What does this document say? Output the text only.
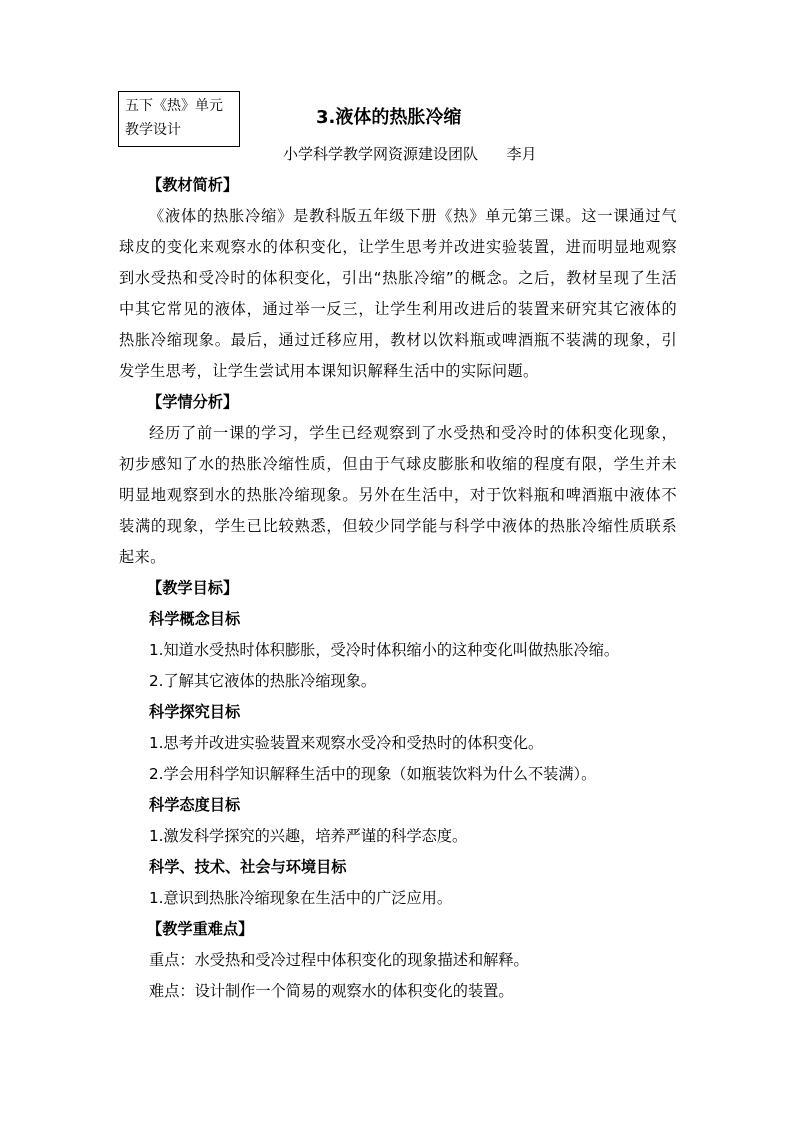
五下《热》单元
教学设计
3.液体的热胀冷缩
小学科学教学网资源建设团队      李月

【教材简析】

《液体的热胀冷缩》是教科版五年级下册《热》单元第三课。这一课通过气球皮的变化来观察水的体积变化，让学生思考并改进实验装置，进而明显地观察到水受热和受冷时的体积变化，引出“热胀冷缩”的概念。之后，教材呈现了生活中其它常见的液体，通过举一反三，让学生利用改进后的装置来研究其它液体的热胀冷缩现象。最后，通过迁移应用，教材以饮料瓶或啤酒瓶不装满的现象，引发学生思考，让学生尝试用本课知识解释生活中的实际问题。

【学情分析】

经历了前一课的学习，学生已经观察到了水受热和受冷时的体积变化现象，初步感知了水的热胀冷缩性质，但由于气球皮膨胀和收缩的程度有限，学生并未明显地观察到水的热胀冷缩现象。另外在生活中，对于饮料瓶和啤酒瓶中液体不装满的现象，学生已比较熟悉，但较少同学能与科学中液体的热胀冷缩性质联系起来。

【教学目标】

科学概念目标

1.知道水受热时体积膨胀，受冷时体积缩小的这种变化叫做热胀冷缩。

2.了解其它液体的热胀冷缩现象。

科学探究目标

1.思考并改进实验装置来观察水受冷和受热时的体积变化。

2.学会用科学知识解释生活中的现象（如瓶装饮料为什么不装满）。

科学态度目标

1.激发科学探究的兴趣，培养严谨的科学态度。

科学、技术、社会与环境目标

1.意识到热胀冷缩现象在生活中的广泛应用。

【教学重难点】

重点：水受热和受冷过程中体积变化的现象描述和解释。

难点：设计制作一个简易的观察水的体积变化的装置。
